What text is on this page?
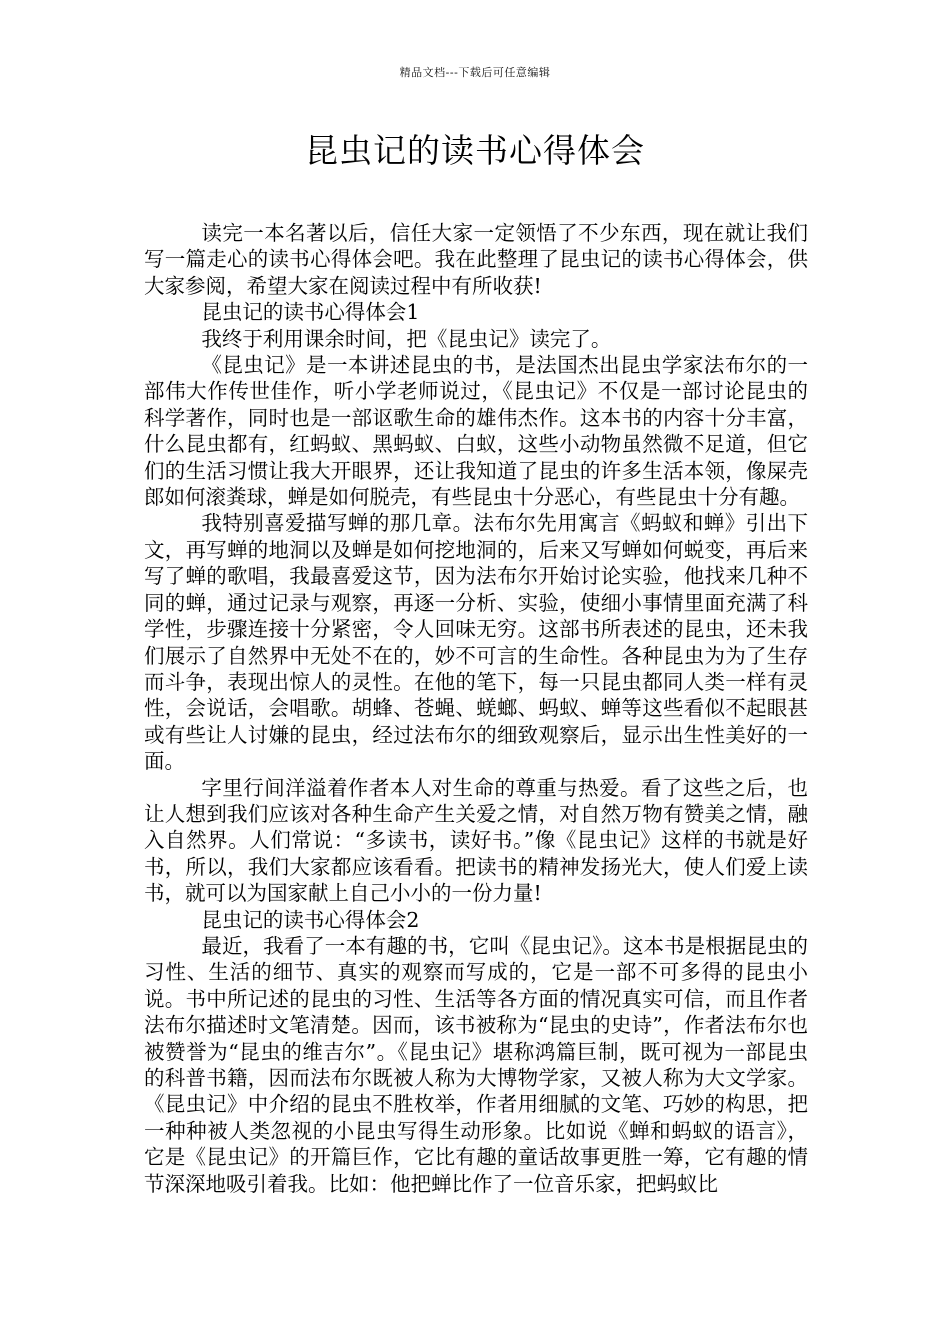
精品文档---下载后可任意编辑
昆虫记的读书心得体会

读完一本名著以后，信任大家一定领悟了不少东西，现在就让我们写一篇走心的读书心得体会吧。我在此整理了昆虫记的读书心得体会，供大家参阅，希望大家在阅读过程中有所收获!

昆虫记的读书心得体会1

我终于利用课余时间，把《昆虫记》读完了。

《昆虫记》是一本讲述昆虫的书，是法国杰出昆虫学家法布尔的一部伟大作传世佳作，听小学老师说过，《昆虫记》不仅是一部讨论昆虫的科学著作，同时也是一部讴歌生命的雄伟杰作。这本书的内容十分丰富，什么昆虫都有，红蚂蚁、黑蚂蚁、白蚁，这些小动物虽然微不足道，但它们的生活习惯让我大开眼界，还让我知道了昆虫的许多生活本领，像屎壳郎如何滚粪球，蝉是如何脱壳，有些昆虫十分恶心，有些昆虫十分有趣。

我特别喜爱描写蝉的那几章。法布尔先用寓言《蚂蚁和蝉》引出下文，再写蝉的地洞以及蝉是如何挖地洞的，后来又写蝉如何蜕变，再后来写了蝉的歌唱，我最喜爱这节，因为法布尔开始讨论实验，他找来几种不同的蝉，通过记录与观察，再逐一分析、实验，使细小事情里面充满了科学性，步骤连接十分紧密，令人回味无穷。这部书所表述的昆虫，还未我们展示了自然界中无处不在的，妙不可言的生命性。各种昆虫为为了生存而斗争，表现出惊人的灵性。在他的笔下，每一只昆虫都同人类一样有灵性，会说话，会唱歌。胡蜂、苍蝇、蜣螂、蚂蚁、蝉等这些看似不起眼甚或有些让人讨嫌的昆虫，经过法布尔的细致观察后，显示出生性美好的一面。

字里行间洋溢着作者本人对生命的尊重与热爱。看了这些之后，也让人想到我们应该对各种生命产生关爱之情，对自然万物有赞美之情，融入自然界。人们常说：“多读书，读好书。”像《昆虫记》这样的书就是好书，所以，我们大家都应该看看。把读书的精神发扬光大，使人们爱上读书，就可以为国家献上自己小小的一份力量!

昆虫记的读书心得体会2

最近，我看了一本有趣的书，它叫《昆虫记》。这本书是根据昆虫的习性、生活的细节、真实的观察而写成的，它是一部不可多得的昆虫小说。书中所记述的昆虫的习性、生活等各方面的情况真实可信，而且作者法布尔描述时文笔清楚。因而，该书被称为“昆虫的史诗”，作者法布尔也被赞誉为“昆虫的维吉尔”。《昆虫记》堪称鸿篇巨制，既可视为一部昆虫的科普书籍，因而法布尔既被人称为大博物学家，又被人称为大文学家。《昆虫记》中介绍的昆虫不胜枚举，作者用细腻的文笔、巧妙的构思，把一种种被人类忽视的小昆虫写得生动形象。比如说《蝉和蚂蚁的语言》，它是《昆虫记》的开篇巨作，它比有趣的童话故事更胜一筹，它有趣的情节深深地吸引着我。比如：他把蝉比作了一位音乐家，把蚂蚁比
